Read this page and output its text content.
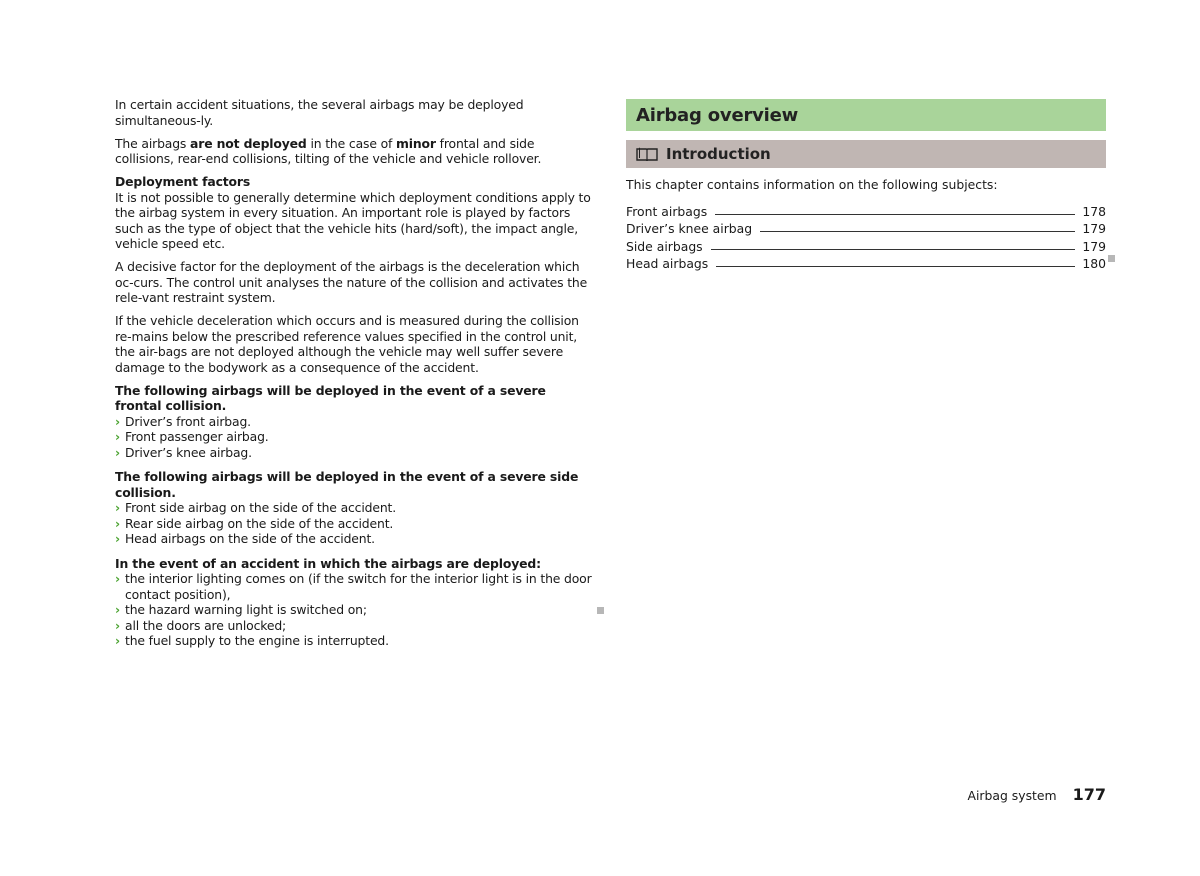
In certain accident situations, the several airbags may be deployed simultaneous-ly.

The airbags are not deployed in the case of minor frontal and side collisions, rear-end collisions, tilting of the vehicle and vehicle rollover.

Deployment factors
It is not possible to generally determine which deployment conditions apply to the airbag system in every situation. An important role is played by factors such as the type of object that the vehicle hits (hard/soft), the impact angle, vehicle speed etc.

A decisive factor for the deployment of the airbags is the deceleration which oc-curs. The control unit analyses the nature of the collision and activates the rele-vant restraint system.

If the vehicle deceleration which occurs and is measured during the collision re-mains below the prescribed reference values specified in the control unit, the air-bags are not deployed although the vehicle may well suffer severe damage to the bodywork as a consequence of the accident.

The following airbags will be deployed in the event of a severe frontal collision.
› Driver’s front airbag.
› Front passenger airbag.
› Driver’s knee airbag.
The following airbags will be deployed in the event of a severe side collision.
› Front side airbag on the side of the accident.
› Rear side airbag on the side of the accident.
› Head airbags on the side of the accident.
In the event of an accident in which the airbags are deployed:
› the interior lighting comes on (if the switch for the interior light is in the door contact position),
› the hazard warning light is switched on;
› all the doors are unlocked;
› the fuel supply to the engine is interrupted.
Airbag overview
Introduction
This chapter contains information on the following subjects:
Front airbags	178
Driver’s knee airbag	179
Side airbags	179
Head airbags	180
Airbag system 177
